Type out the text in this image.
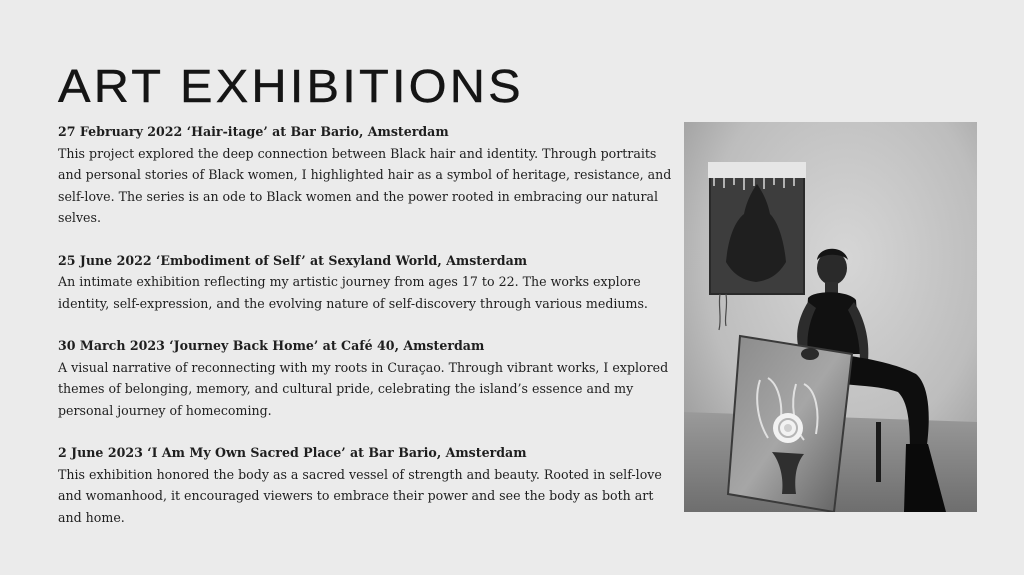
ART EXHIBITIONS

27 February 2022 ‘Hair-itage’ at Bar Bario, Amsterdam

This project explored the deep connection between Black hair and identity. Through portraits and personal stories of Black women, I highlighted hair as a symbol of heritage, resistance, and self-love. The series is an ode to Black women and the power rooted in embracing our natural selves.

25 June 2022 ‘Embodiment of Self’ at Sexyland World, Amsterdam

An intimate exhibition reflecting my artistic journey from ages 17 to 22. The works explore identity, self-expression, and the evolving nature of self-discovery through various mediums.

30 March 2023 ‘Journey Back Home’ at Café 40, Amsterdam

A visual narrative of reconnecting with my roots in Curaçao. Through vibrant works, I explored themes of belonging, memory, and cultural pride, celebrating the island’s essence and my personal journey of homecoming.

2 June 2023 ‘I Am My Own Sacred Place’ at Bar Bario, Amsterdam

This exhibition honored the body as a sacred vessel of strength and beauty. Rooted in self-love and womanhood, it encouraged viewers to embrace their power and see the body as both art and home.
